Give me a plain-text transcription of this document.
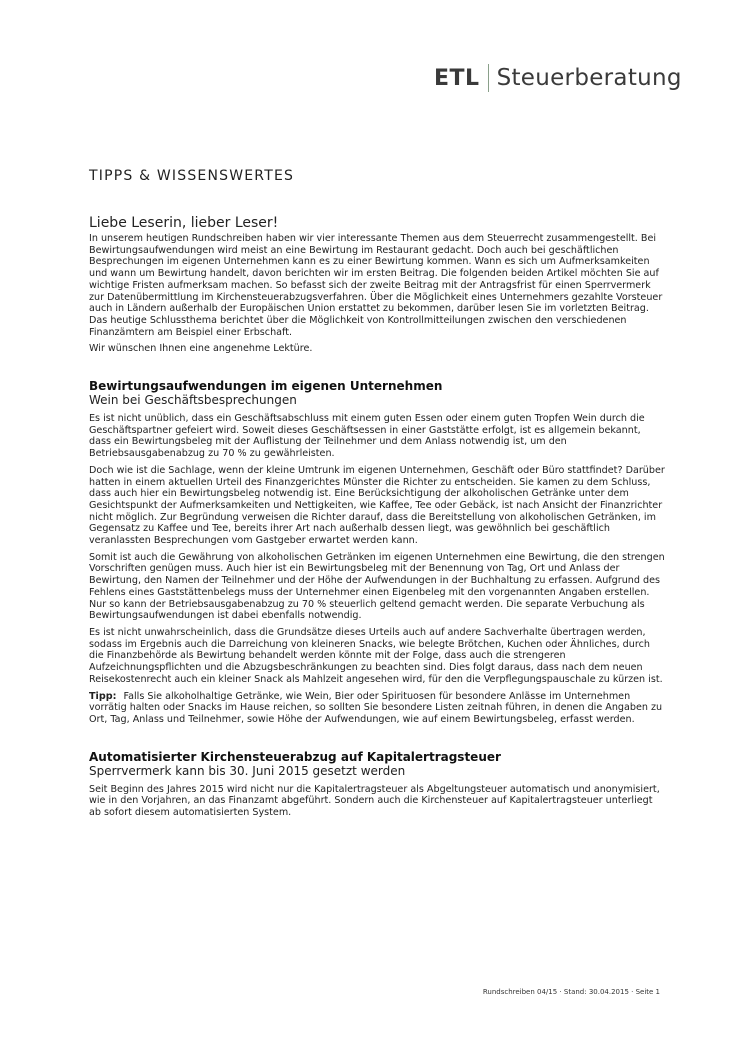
ETL Steuerberatung
TIPPS & WISSENSWERTES
Liebe Leserin, lieber Leser!

In unserem heutigen Rundschreiben haben wir vier interessante Themen aus dem Steuerrecht zusammengestellt. Bei Bewirtungsaufwendungen wird meist an eine Bewirtung im Restaurant gedacht. Doch auch bei geschäftlichen Besprechungen im eigenen Unternehmen kann es zu einer Bewirtung kommen. Wann es sich um Aufmerksamkeiten und wann um Bewirtung handelt, davon berichten wir im ersten Beitrag. Die folgenden beiden Artikel möchten Sie auf wichtige Fristen aufmerksam machen. So befasst sich der zweite Beitrag mit der Antragsfrist für einen Sperrvermerk zur Datenübermittlung im Kirchensteuerabzugsverfahren. Über die Möglichkeit eines Unternehmers gezahlte Vorsteuer auch in Ländern außerhalb der Europäischen Union erstattet zu bekommen, darüber lesen Sie im vorletzten Beitrag. Das heutige Schlussthema berichtet über die Möglichkeit von Kontrollmitteilungen zwischen den verschiedenen Finanzämtern am Beispiel einer Erbschaft.

Wir wünschen Ihnen eine angenehme Lektüre.

Bewirtungsaufwendungen im eigenen Unternehmen
Wein bei Geschäftsbesprechungen

Es ist nicht unüblich, dass ein Geschäftsabschluss mit einem guten Essen oder einem guten Tropfen Wein durch die Geschäftspartner gefeiert wird. Soweit dieses Geschäftsessen in einer Gaststätte erfolgt, ist es allgemein bekannt, dass ein Bewirtungsbeleg mit der Auflistung der Teilnehmer und dem Anlass notwendig ist, um den Betriebsausgabenabzug zu 70 % zu gewährleisten.

Doch wie ist die Sachlage, wenn der kleine Umtrunk im eigenen Unternehmen, Geschäft oder Büro stattfindet? Darüber hatten in einem aktuellen Urteil des Finanzgerichtes Münster die Richter zu entscheiden. Sie kamen zu dem Schluss, dass auch hier ein Bewirtungsbeleg notwendig ist. Eine Berücksichtigung der alkoholischen Getränke unter dem Gesichtspunkt der Aufmerksamkeiten und Nettigkeiten, wie Kaffee, Tee oder Gebäck, ist nach Ansicht der Finanzrichter nicht möglich. Zur Begründung verweisen die Richter darauf, dass die Bereitstellung von alkoholischen Getränken, im Gegensatz zu Kaffee und Tee, bereits ihrer Art nach außerhalb dessen liegt, was gewöhnlich bei geschäftlich veranlassten Besprechungen vom Gastgeber erwartet werden kann.

Somit ist auch die Gewährung von alkoholischen Getränken im eigenen Unternehmen eine Bewirtung, die den strengen Vorschriften genügen muss. Auch hier ist ein Bewirtungsbeleg mit der Benennung von Tag, Ort und Anlass der Bewirtung, den Namen der Teilnehmer und der Höhe der Aufwendungen in der Buchhaltung zu erfassen. Aufgrund des Fehlens eines Gaststättenbelegs muss der Unternehmer einen Eigenbeleg mit den vorgenannten Angaben erstellen. Nur so kann der Betriebsausgabenabzug zu 70 % steuerlich geltend gemacht werden. Die separate Verbuchung als Bewirtungsaufwendungen ist dabei ebenfalls notwendig.

Es ist nicht unwahrscheinlich, dass die Grundsätze dieses Urteils auch auf andere Sachverhalte übertragen werden, sodass im Ergebnis auch die Darreichung von kleineren Snacks, wie belegte Brötchen, Kuchen oder Ähnliches, durch die Finanzbehörde als Bewirtung behandelt werden könnte mit der Folge, dass auch die strengeren Aufzeichnungspflichten und die Abzugsbeschränkungen zu beachten sind. Dies folgt daraus, dass nach dem neuen Reisekostenrecht auch ein kleiner Snack als Mahlzeit angesehen wird, für den die Verpflegungspauschale zu kürzen ist.

Tipp: Falls Sie alkoholhaltige Getränke, wie Wein, Bier oder Spirituosen für besondere Anlässe im Unternehmen vorrätig halten oder Snacks im Hause reichen, so sollten Sie besondere Listen zeitnah führen, in denen die Angaben zu Ort, Tag, Anlass und Teilnehmer, sowie Höhe der Aufwendungen, wie auf einem Bewirtungsbeleg, erfasst werden.

Automatisierter Kirchensteuerabzug auf Kapitalertragsteuer
Sperrvermerk kann bis 30. Juni 2015 gesetzt werden

Seit Beginn des Jahres 2015 wird nicht nur die Kapitalertragsteuer als Abgeltungsteuer automatisch und anonymisiert, wie in den Vorjahren, an das Finanzamt abgeführt. Sondern auch die Kirchensteuer auf Kapitalertragsteuer unterliegt ab sofort diesem automatisierten System.

Rundschreiben 04/15 · Stand: 30.04.2015 · Seite 1
